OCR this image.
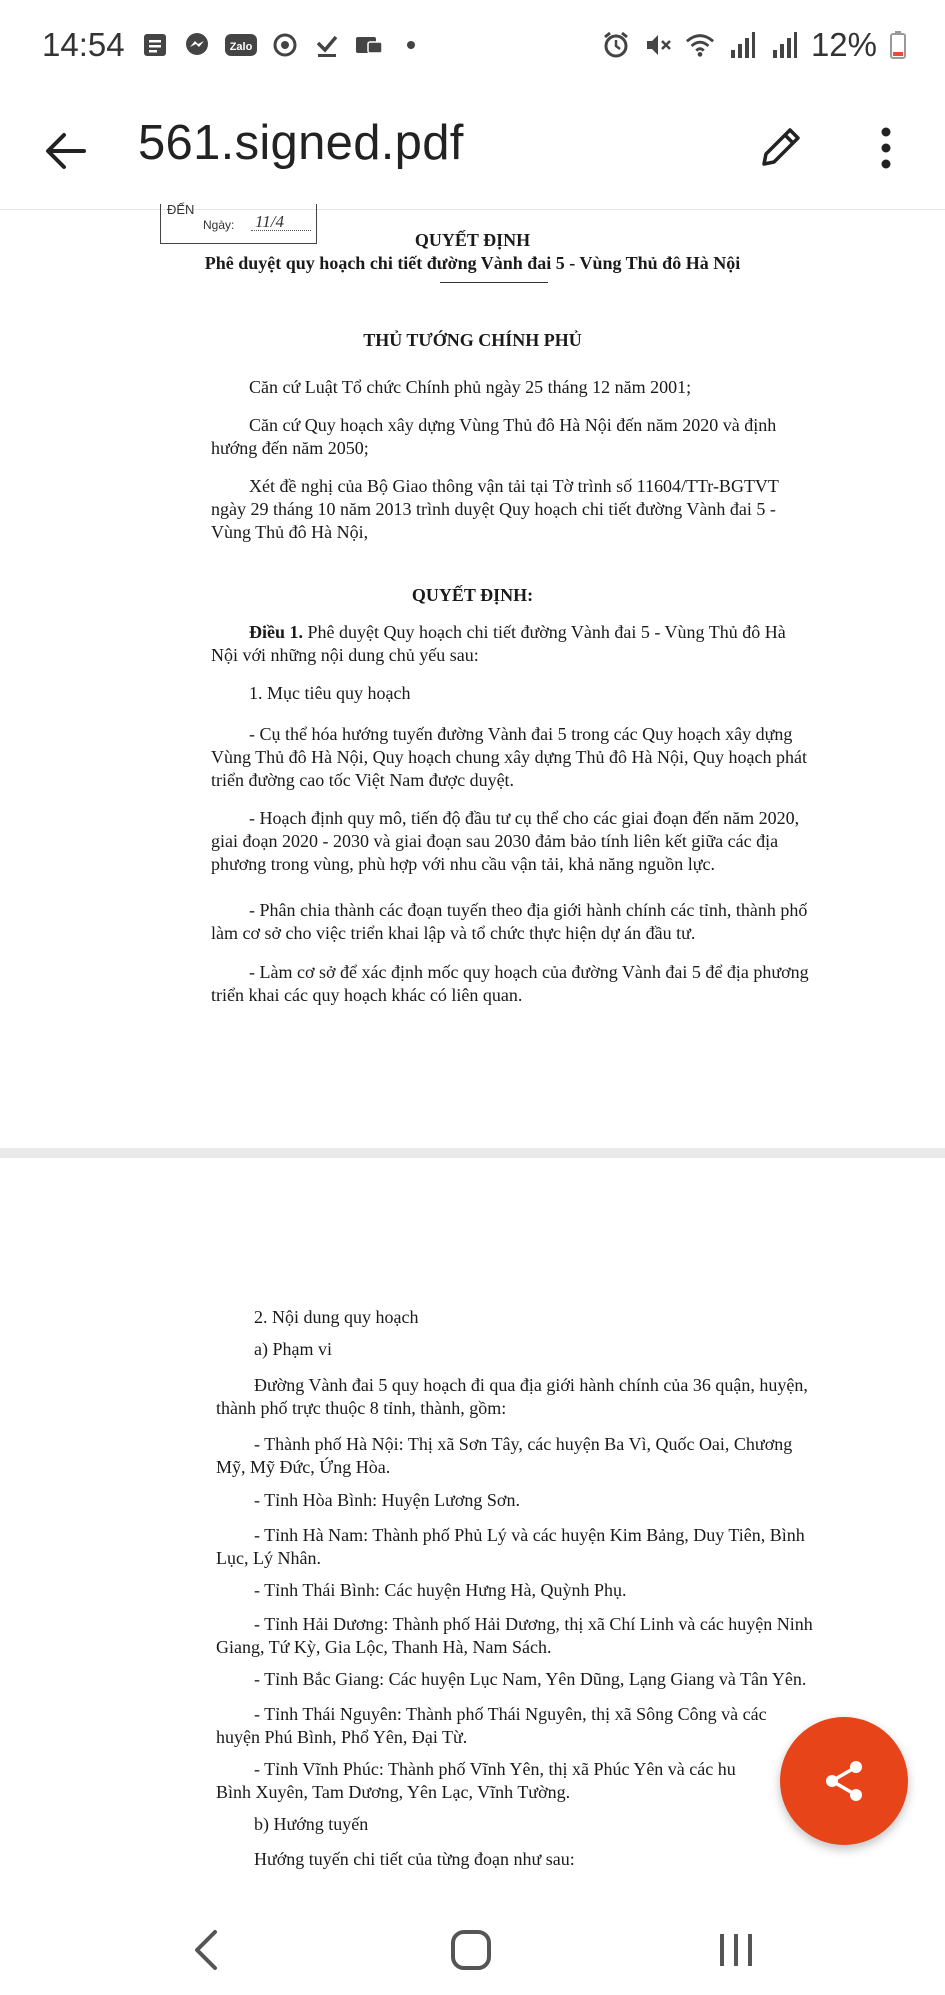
14:54	Zalo	12%
561.signed.pdf
ĐẾN
Ngày: 11/4
QUYẾT ĐỊNH
Phê duyệt quy hoạch chi tiết đường Vành đai 5 - Vùng Thủ đô Hà Nội
THỦ TƯỚNG CHÍNH PHỦ
Căn cứ Luật Tổ chức Chính phủ ngày 25 tháng 12 năm 2001;
Căn cứ Quy hoạch xây dựng Vùng Thủ đô Hà Nội đến năm 2020 và định hướng đến năm 2050;
Xét đề nghị của Bộ Giao thông vận tải tại Tờ trình số 11604/TTr-BGTVT ngày 29 tháng 10 năm 2013 trình duyệt Quy hoạch chi tiết đường Vành đai 5 - Vùng Thủ đô Hà Nội,
QUYẾT ĐỊNH:
Điều 1. Phê duyệt Quy hoạch chi tiết đường Vành đai 5 - Vùng Thủ đô Hà Nội với những nội dung chủ yếu sau:
1. Mục tiêu quy hoạch
- Cụ thể hóa hướng tuyến đường Vành đai 5 trong các Quy hoạch xây dựng Vùng Thủ đô Hà Nội, Quy hoạch chung xây dựng Thủ đô Hà Nội, Quy hoạch phát triển đường cao tốc Việt Nam được duyệt.
- Hoạch định quy mô, tiến độ đầu tư cụ thể cho các giai đoạn đến năm 2020, giai đoạn 2020 - 2030 và giai đoạn sau 2030 đảm bảo tính liên kết giữa các địa phương trong vùng, phù hợp với nhu cầu vận tải, khả năng nguồn lực.
- Phân chia thành các đoạn tuyến theo địa giới hành chính các tỉnh, thành phố làm cơ sở cho việc triển khai lập và tổ chức thực hiện dự án đầu tư.
- Làm cơ sở để xác định mốc quy hoạch của đường Vành đai 5 để địa phương triển khai các quy hoạch khác có liên quan.
2. Nội dung quy hoạch
a) Phạm vi
Đường Vành đai 5 quy hoạch đi qua địa giới hành chính của 36 quận, huyện, thành phố trực thuộc 8 tỉnh, thành, gồm:
- Thành phố Hà Nội: Thị xã Sơn Tây, các huyện Ba Vì, Quốc Oai, Chương Mỹ, Mỹ Đức, Ứng Hòa.
- Tỉnh Hòa Bình: Huyện Lương Sơn.
- Tỉnh Hà Nam: Thành phố Phủ Lý và các huyện Kim Bảng, Duy Tiên, Bình Lục, Lý Nhân.
- Tỉnh Thái Bình: Các huyện Hưng Hà, Quỳnh Phụ.
- Tỉnh Hải Dương: Thành phố Hải Dương, thị xã Chí Linh và các huyện Ninh Giang, Tứ Kỳ, Gia Lộc, Thanh Hà, Nam Sách.
- Tỉnh Bắc Giang: Các huyện Lục Nam, Yên Dũng, Lạng Giang và Tân Yên.
- Tỉnh Thái Nguyên: Thành phố Thái Nguyên, thị xã Sông Công và các huyện Phú Bình, Phổ Yên, Đại Từ.
- Tỉnh Vĩnh Phúc: Thành phố Vĩnh Yên, thị xã Phúc Yên và các hu
Bình Xuyên, Tam Dương, Yên Lạc, Vĩnh Tường.
b) Hướng tuyến
Hướng tuyến chi tiết của từng đoạn như sau:
